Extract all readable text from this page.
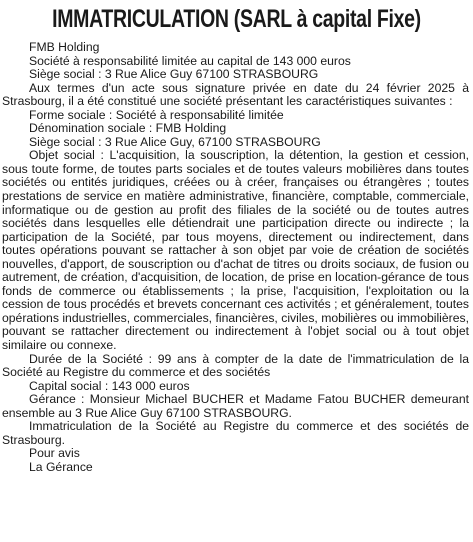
IMMATRICULATION (SARL à capital Fixe)

FMB Holding

Société à responsabilité limitée au capital de 143 000 euros

Siège social : 3 Rue Alice Guy 67100 STRASBOURG

Aux termes d'un acte sous signature privée en date du 24 février 2025 à Strasbourg, il a été constitué une société présentant les caractéristiques suivantes :

Forme sociale : Société à responsabilité limitée

Dénomination sociale : FMB Holding

Siège social : 3 Rue Alice Guy, 67100 STRASBOURG

Objet social : L'acquisition, la souscription, la détention, la gestion et cession, sous toute forme, de toutes parts sociales et de toutes valeurs mobilières dans toutes sociétés ou entités juridiques, créées ou à créer, françaises ou étrangères ; toutes prestations de service en matière administrative, financière, comptable, commerciale, informatique ou de gestion au profit des filiales de la société ou de toutes autres sociétés dans lesquelles elle détiendrait une participation directe ou indirecte ; la participation de la Société, par tous moyens, directement ou indirectement, dans toutes opérations pouvant se rattacher à son objet par voie de création de sociétés nouvelles, d'apport, de souscription ou d'achat de titres ou droits sociaux, de fusion ou autrement, de création, d'acquisition, de location, de prise en location-gérance de tous fonds de commerce ou établissements ; la prise, l'acquisition, l'exploitation ou la cession de tous procédés et brevets concernant ces activités ; et généralement, toutes opérations industrielles, commerciales, financières, civiles, mobilières ou immobilières, pouvant se rattacher directement ou indirectement à l'objet social ou à tout objet similaire ou connexe.

Durée de la Société : 99 ans à compter de la date de l'immatriculation de la Société au Registre du commerce et des sociétés

Capital social : 143 000 euros

Gérance : Monsieur Michael BUCHER et Madame Fatou BUCHER demeurant ensemble au 3 Rue Alice Guy 67100 STRASBOURG.

Immatriculation de la Société au Registre du commerce et des sociétés de Strasbourg.

Pour avis

La Gérance
